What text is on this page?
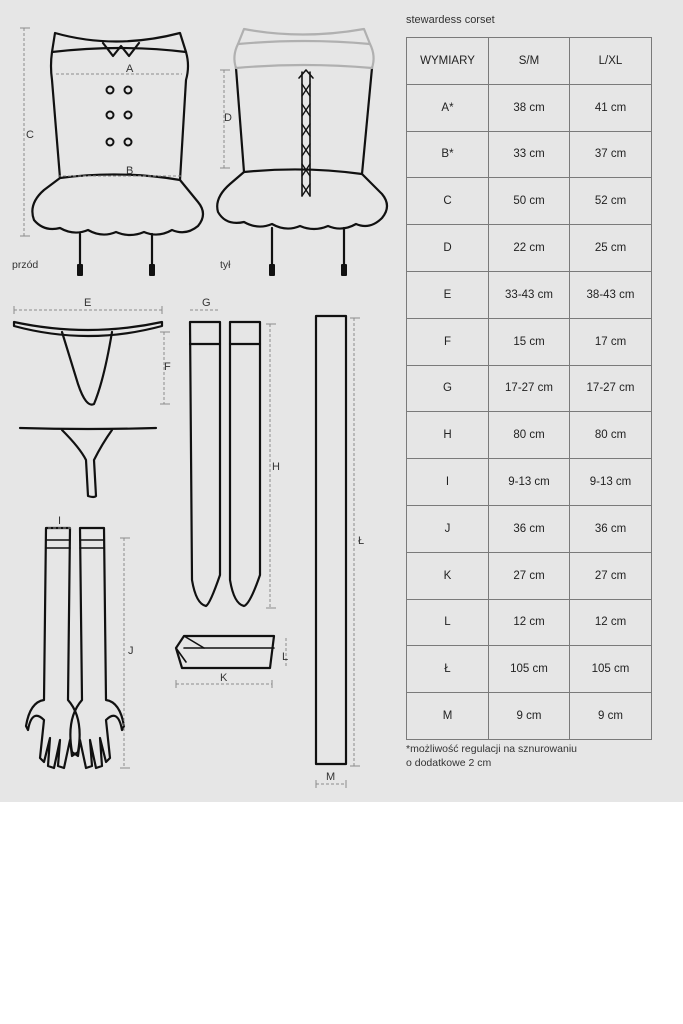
A
B
C
D
E
F
G
H
I
J
K
L
Ł
M
przód	tył
stewardess corset
WYMIARY	S/M	L/XL
A*	38 cm	41 cm
B*	33 cm	37 cm
C	50 cm	52 cm
D	22 cm	25 cm
E	33-43 cm	38-43 cm
F	15 cm	17 cm
G	17-27 cm	17-27 cm
H	80 cm	80 cm
I	9-13 cm	9-13 cm
J	36 cm	36 cm
K	27 cm	27 cm
L	12 cm	12 cm
Ł	105 cm	105 cm
M	9 cm	9 cm
*możliwość regulacji na sznurowaniu
o dodatkowe 2 cm
